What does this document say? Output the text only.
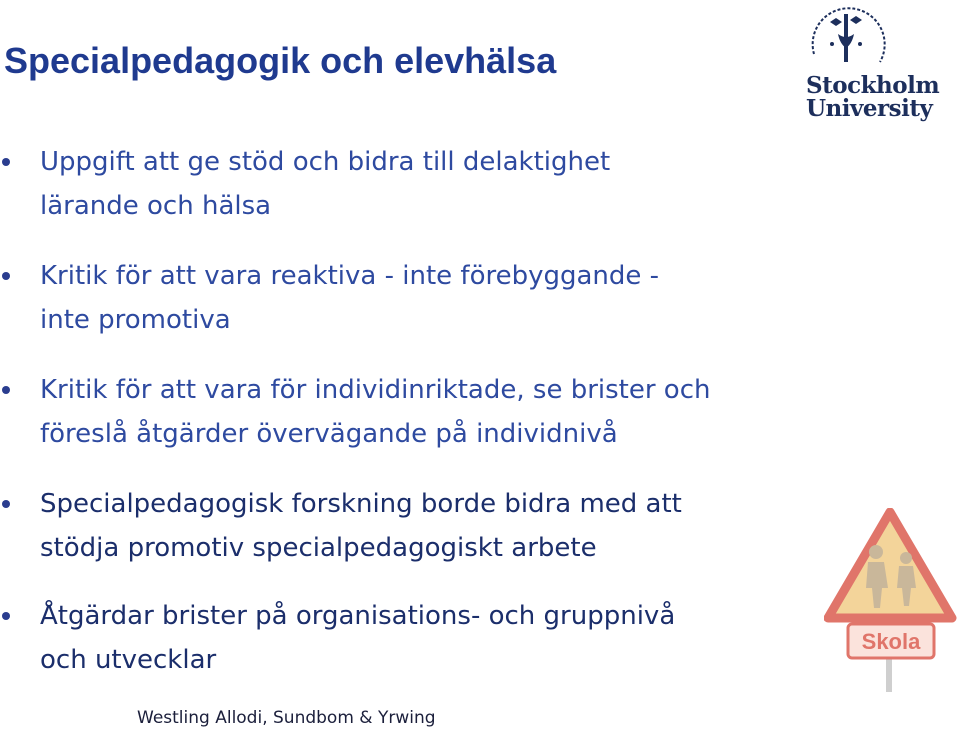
Specialpedagogik och elevhälsa
Stockholm
University
Uppgift att ge stöd och bidra till delaktighet
lärande och hälsa
Kritik för att vara reaktiva - inte förebyggande -
inte promotiva
Kritik för att vara för individinriktade, se brister och
föreslå åtgärder övervägande på individnivå
Specialpedagogisk forskning borde bidra med att
stödja promotiv specialpedagogiskt arbete
Åtgärdar brister på organisations- och gruppnivå
och utvecklar
Skola
Westling Allodi, Sundbom & Yrwing
